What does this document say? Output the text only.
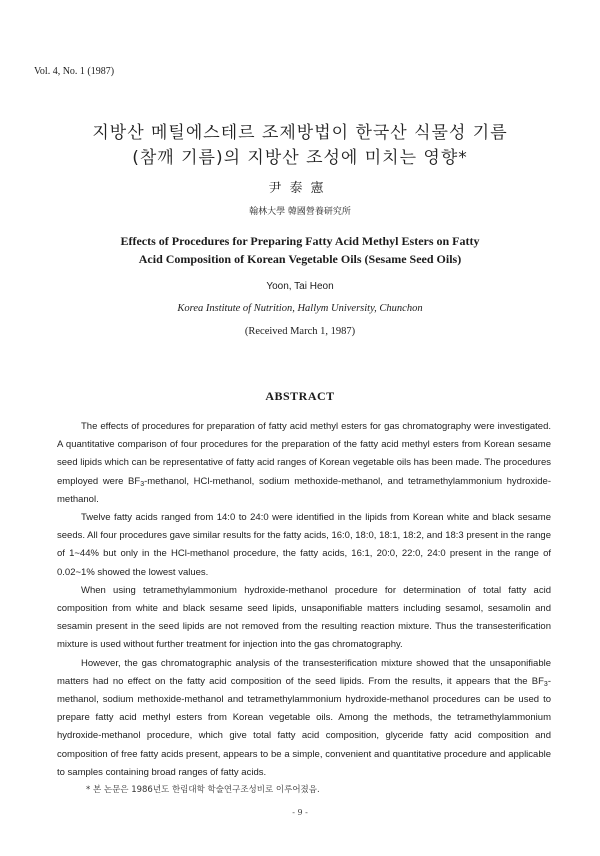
Vol. 4, No. 1 (1987)
지방산 메틸에스테르 조제방법이 한국산 식물성 기름
(참깨 기름)의 지방산 조성에 미치는 영향*
尹泰憲
翰林大學 韓國營養研究所
Effects of Procedures for Preparing Fatty Acid Methyl Esters on Fatty
Acid Composition of Korean Vegetable Oils (Sesame Seed Oils)
Yoon, Tai Heon
Korea Institute of Nutrition, Hallym University, Chunchon
(Received March 1, 1987)
ABSTRACT

The effects of procedures for preparation of fatty acid methyl esters for gas chromatography were investigated. A quantitative comparison of four procedures for the preparation of the fatty acid methyl esters from Korean sesame seed lipids which can be representative of fatty acid ranges of Korean vegetable oils has been made. The procedures employed were $BF_3$-methanol, HCl-methanol, sodium methoxide-methanol, and tetramethylammonium hydroxide-methanol.

Twelve fatty acids ranged from 14:0 to 24:0 were identified in the lipids from Korean white and black sesame seeds. All four procedures gave similar results for the fatty acids, 16:0, 18:0, 18:1, 18:2, and 18:3 present in the range of 1~44% but only in the HCl-methanol procedure, the fatty acids, 16:1, 20:0, 22:0, 24:0 present in the range of 0.02~1% showed the lowest values.

When using tetramethylammonium hydroxide-methanol procedure for determination of total fatty acid composition from white and black sesame seed lipids, unsaponifiable matters including sesamol, sesamolin and sesamin present in the seed lipids are not removed from the resulting reaction mixture. Thus the transesterification mixture is used without further treatment for injection into the gas chromatography.

However, the gas chromatographic analysis of the transesterification mixture showed that the unsaponifiable matters had no effect on the fatty acid composition of the seed lipids. From the results, it appears that the $BF_3$-methanol, sodium methoxide-methanol and tetramethylammonium hydroxide-methanol procedures can be used to prepare fatty acid methyl esters from Korean vegetable oils. Among the methods, the tetramethylammonium hydroxide-methanol procedure, which give total fatty acid composition, glyceride fatty acid composition and composition of free fatty acids present, appears to be a simple, convenient and quantitative procedure and applicable to samples containing broad ranges of fatty acids.

* 본 논문은 1986년도 한림대학 학술연구조성비로 이루어졌음.
- 9 -
